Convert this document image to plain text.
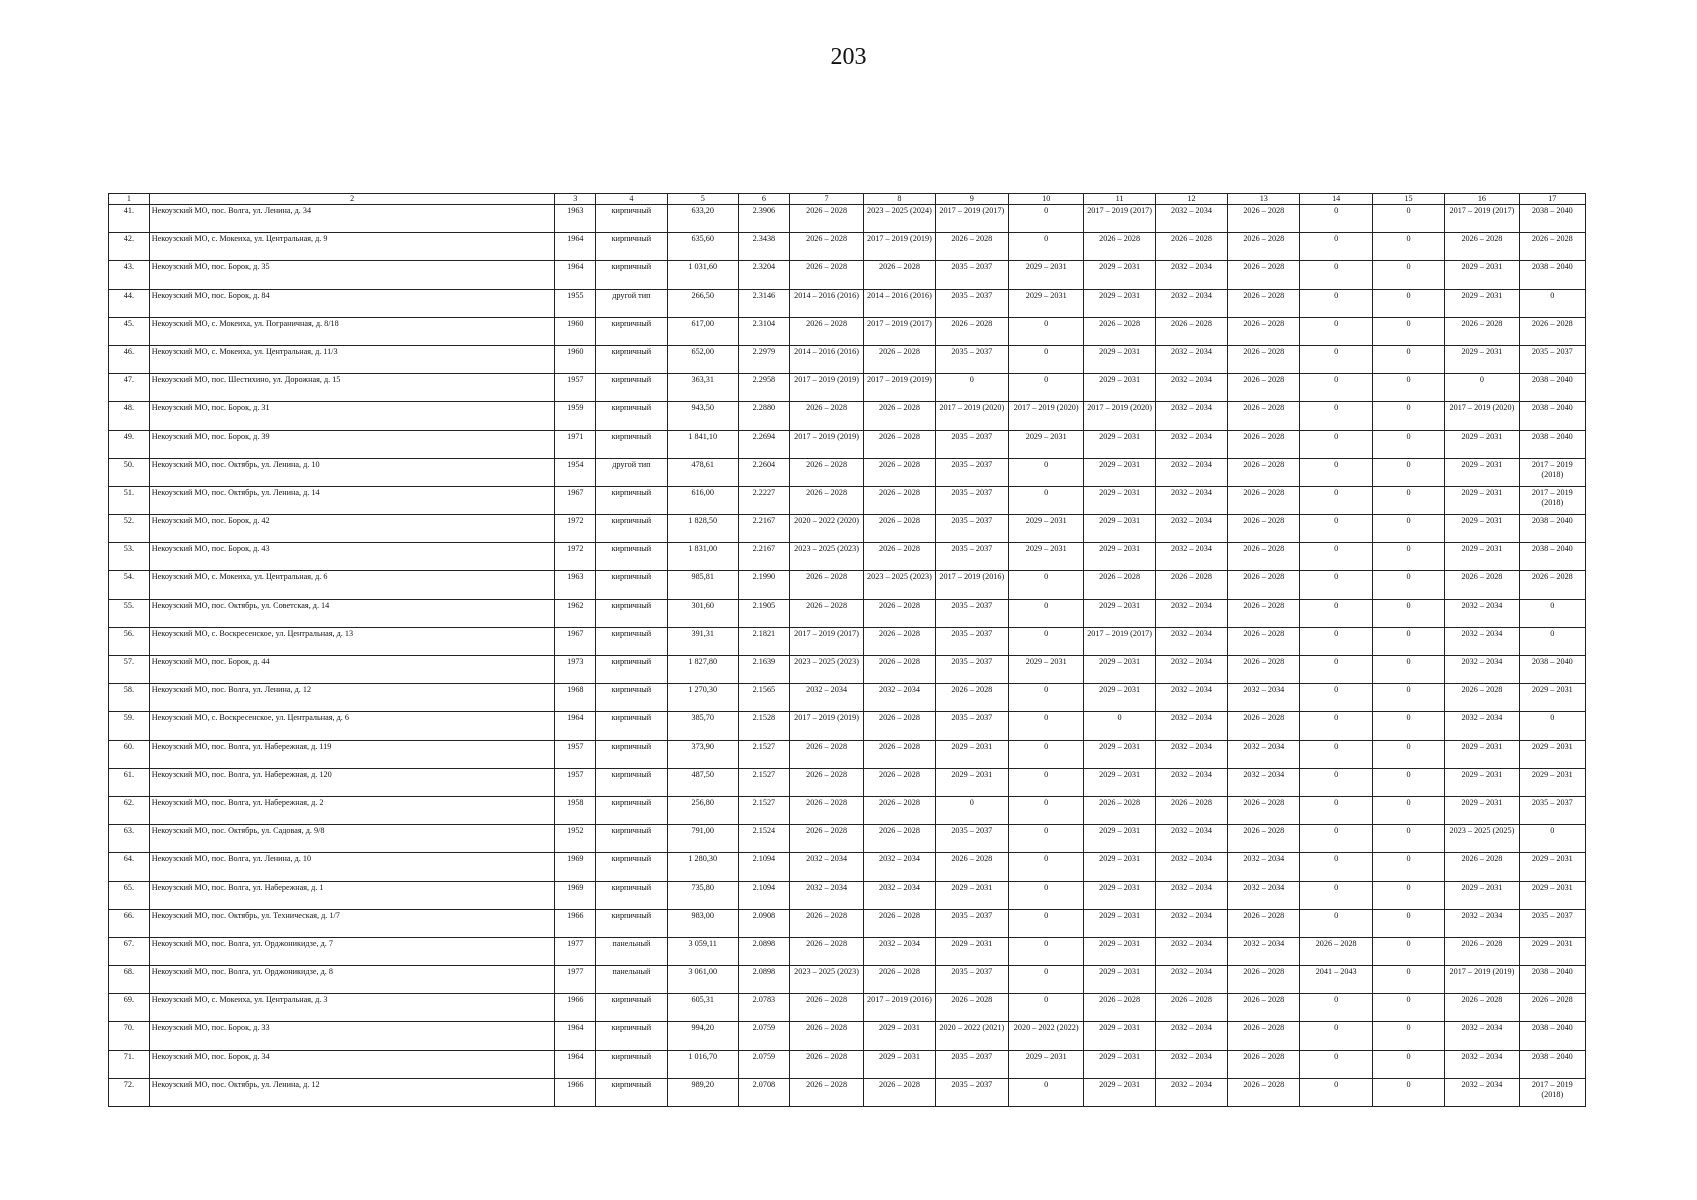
203
1	2	3	4	5	6	7	8	9	10	11	12	13	14	15	16	17
41.	Некоузский МО, пос. Волга, ул. Ленина, д. 34	1963	кирпичный	633,20	2.3906	2026 – 2028	2023 – 2025 (2024)	2017 – 2019 (2017)	0	2017 – 2019 (2017)	2032 – 2034	2026 – 2028	0	0	2017 – 2019 (2017)	2038 – 2040
42.	Некоузский МО, с. Мокеиха, ул. Центральная, д. 9	1964	кирпичный	635,60	2.3438	2026 – 2028	2017 – 2019 (2019)	2026 – 2028	0	2026 – 2028	2026 – 2028	2026 – 2028	0	0	2026 – 2028	2026 – 2028
43.	Некоузский МО, пос. Борок, д. 35	1964	кирпичный	1 031,60	2.3204	2026 – 2028	2026 – 2028	2035 – 2037	2029 – 2031	2029 – 2031	2032 – 2034	2026 – 2028	0	0	2029 – 2031	2038 – 2040
44.	Некоузский МО, пос. Борок, д. 84	1955	другой тип	266,50	2.3146	2014 – 2016 (2016)	2014 – 2016 (2016)	2035 – 2037	2029 – 2031	2029 – 2031	2032 – 2034	2026 – 2028	0	0	2029 – 2031	0
45.	Некоузский МО, с. Мокеиха, ул. Пограничная, д. 8/18	1960	кирпичный	617,00	2.3104	2026 – 2028	2017 – 2019 (2017)	2026 – 2028	0	2026 – 2028	2026 – 2028	2026 – 2028	0	0	2026 – 2028	2026 – 2028
46.	Некоузский МО, с. Мокеиха, ул. Центральная, д. 11/3	1960	кирпичный	652,00	2.2979	2014 – 2016 (2016)	2026 – 2028	2035 – 2037	0	2029 – 2031	2032 – 2034	2026 – 2028	0	0	2029 – 2031	2035 – 2037
47.	Некоузский МО, пос. Шестихино, ул. Дорожная, д. 15	1957	кирпичный	363,31	2.2958	2017 – 2019 (2019)	2017 – 2019 (2019)	0	0	2029 – 2031	2032 – 2034	2026 – 2028	0	0	0	2038 – 2040
48.	Некоузский МО, пос. Борок, д. 31	1959	кирпичный	943,50	2.2880	2026 – 2028	2026 – 2028	2017 – 2019 (2020)	2017 – 2019 (2020)	2017 – 2019 (2020)	2032 – 2034	2026 – 2028	0	0	2017 – 2019 (2020)	2038 – 2040
49.	Некоузский МО, пос. Борок, д. 39	1971	кирпичный	1 841,10	2.2694	2017 – 2019 (2019)	2026 – 2028	2035 – 2037	2029 – 2031	2029 – 2031	2032 – 2034	2026 – 2028	0	0	2029 – 2031	2038 – 2040
50.	Некоузский МО, пос. Октябрь, ул. Ленина, д. 10	1954	другой тип	478,61	2.2604	2026 – 2028	2026 – 2028	2035 – 2037	0	2029 – 2031	2032 – 2034	2026 – 2028	0	0	2029 – 2031	2017 – 2019 (2018)
51.	Некоузский МО, пос. Октябрь, ул. Ленина, д. 14	1967	кирпичный	616,00	2.2227	2026 – 2028	2026 – 2028	2035 – 2037	0	2029 – 2031	2032 – 2034	2026 – 2028	0	0	2029 – 2031	2017 – 2019 (2018)
52.	Некоузский МО, пос. Борок, д. 42	1972	кирпичный	1 828,50	2.2167	2020 – 2022 (2020)	2026 – 2028	2035 – 2037	2029 – 2031	2029 – 2031	2032 – 2034	2026 – 2028	0	0	2029 – 2031	2038 – 2040
53.	Некоузский МО, пос. Борок, д. 43	1972	кирпичный	1 831,00	2.2167	2023 – 2025 (2023)	2026 – 2028	2035 – 2037	2029 – 2031	2029 – 2031	2032 – 2034	2026 – 2028	0	0	2029 – 2031	2038 – 2040
54.	Некоузский МО, с. Мокеиха, ул. Центральная, д. 6	1963	кирпичный	985,81	2.1990	2026 – 2028	2023 – 2025 (2023)	2017 – 2019 (2016)	0	2026 – 2028	2026 – 2028	2026 – 2028	0	0	2026 – 2028	2026 – 2028
55.	Некоузский МО, пос. Октябрь, ул. Советская, д. 14	1962	кирпичный	301,60	2.1905	2026 – 2028	2026 – 2028	2035 – 2037	0	2029 – 2031	2032 – 2034	2026 – 2028	0	0	2032 – 2034	0
56.	Некоузский МО, с. Воскресенское, ул. Центральная, д. 13	1967	кирпичный	391,31	2.1821	2017 – 2019 (2017)	2026 – 2028	2035 – 2037	0	2017 – 2019 (2017)	2032 – 2034	2026 – 2028	0	0	2032 – 2034	0
57.	Некоузский МО, пос. Борок, д. 44	1973	кирпичный	1 827,80	2.1639	2023 – 2025 (2023)	2026 – 2028	2035 – 2037	2029 – 2031	2029 – 2031	2032 – 2034	2026 – 2028	0	0	2032 – 2034	2038 – 2040
58.	Некоузский МО, пос. Волга, ул. Ленина, д. 12	1968	кирпичный	1 270,30	2.1565	2032 – 2034	2032 – 2034	2026 – 2028	0	2029 – 2031	2032 – 2034	2032 – 2034	0	0	2026 – 2028	2029 – 2031
59.	Некоузский МО, с. Воскресенское, ул. Центральная, д. 6	1964	кирпичный	385,70	2.1528	2017 – 2019 (2019)	2026 – 2028	2035 – 2037	0	0	2032 – 2034	2026 – 2028	0	0	2032 – 2034	0
60.	Некоузский МО, пос. Волга, ул. Набережная, д. 119	1957	кирпичный	373,90	2.1527	2026 – 2028	2026 – 2028	2029 – 2031	0	2029 – 2031	2032 – 2034	2032 – 2034	0	0	2029 – 2031	2029 – 2031
61.	Некоузский МО, пос. Волга, ул. Набережная, д. 120	1957	кирпичный	487,50	2.1527	2026 – 2028	2026 – 2028	2029 – 2031	0	2029 – 2031	2032 – 2034	2032 – 2034	0	0	2029 – 2031	2029 – 2031
62.	Некоузский МО, пос. Волга, ул. Набережная, д. 2	1958	кирпичный	256,80	2.1527	2026 – 2028	2026 – 2028	0	0	2026 – 2028	2026 – 2028	2026 – 2028	0	0	2029 – 2031	2035 – 2037
63.	Некоузский МО, пос. Октябрь, ул. Садовая, д. 9/8	1952	кирпичный	791,00	2.1524	2026 – 2028	2026 – 2028	2035 – 2037	0	2029 – 2031	2032 – 2034	2026 – 2028	0	0	2023 – 2025 (2025)	0
64.	Некоузский МО, пос. Волга, ул. Ленина, д. 10	1969	кирпичный	1 280,30	2.1094	2032 – 2034	2032 – 2034	2026 – 2028	0	2029 – 2031	2032 – 2034	2032 – 2034	0	0	2026 – 2028	2029 – 2031
65.	Некоузский МО, пос. Волга, ул. Набережная, д. 1	1969	кирпичный	735,80	2.1094	2032 – 2034	2032 – 2034	2029 – 2031	0	2029 – 2031	2032 – 2034	2032 – 2034	0	0	2029 – 2031	2029 – 2031
66.	Некоузский МО, пос. Октябрь, ул. Техническая, д. 1/7	1966	кирпичный	983,00	2.0908	2026 – 2028	2026 – 2028	2035 – 2037	0	2029 – 2031	2032 – 2034	2026 – 2028	0	0	2032 – 2034	2035 – 2037
67.	Некоузский МО, пос. Волга, ул. Орджоникидзе, д. 7	1977	панельный	3 059,11	2.0898	2026 – 2028	2032 – 2034	2029 – 2031	0	2029 – 2031	2032 – 2034	2032 – 2034	2026 – 2028	0	2026 – 2028	2029 – 2031
68.	Некоузский МО, пос. Волга, ул. Орджоникидзе, д. 8	1977	панельный	3 061,00	2.0898	2023 – 2025 (2023)	2026 – 2028	2035 – 2037	0	2029 – 2031	2032 – 2034	2026 – 2028	2041 – 2043	0	2017 – 2019 (2019)	2038 – 2040
69.	Некоузский МО, с. Мокеиха, ул. Центральная, д. 3	1966	кирпичный	605,31	2.0783	2026 – 2028	2017 – 2019 (2016)	2026 – 2028	0	2026 – 2028	2026 – 2028	2026 – 2028	0	0	2026 – 2028	2026 – 2028
70.	Некоузский МО, пос. Борок, д. 33	1964	кирпичный	994,20	2.0759	2026 – 2028	2029 – 2031	2020 – 2022 (2021)	2020 – 2022 (2022)	2029 – 2031	2032 – 2034	2026 – 2028	0	0	2032 – 2034	2038 – 2040
71.	Некоузский МО, пос. Борок, д. 34	1964	кирпичный	1 016,70	2.0759	2026 – 2028	2029 – 2031	2035 – 2037	2029 – 2031	2029 – 2031	2032 – 2034	2026 – 2028	0	0	2032 – 2034	2038 – 2040
72.	Некоузский МО, пос. Октябрь, ул. Ленина, д. 12	1966	кирпичный	989,20	2.0708	2026 – 2028	2026 – 2028	2035 – 2037	0	2029 – 2031	2032 – 2034	2026 – 2028	0	0	2032 – 2034	2017 – 2019 (2018)
